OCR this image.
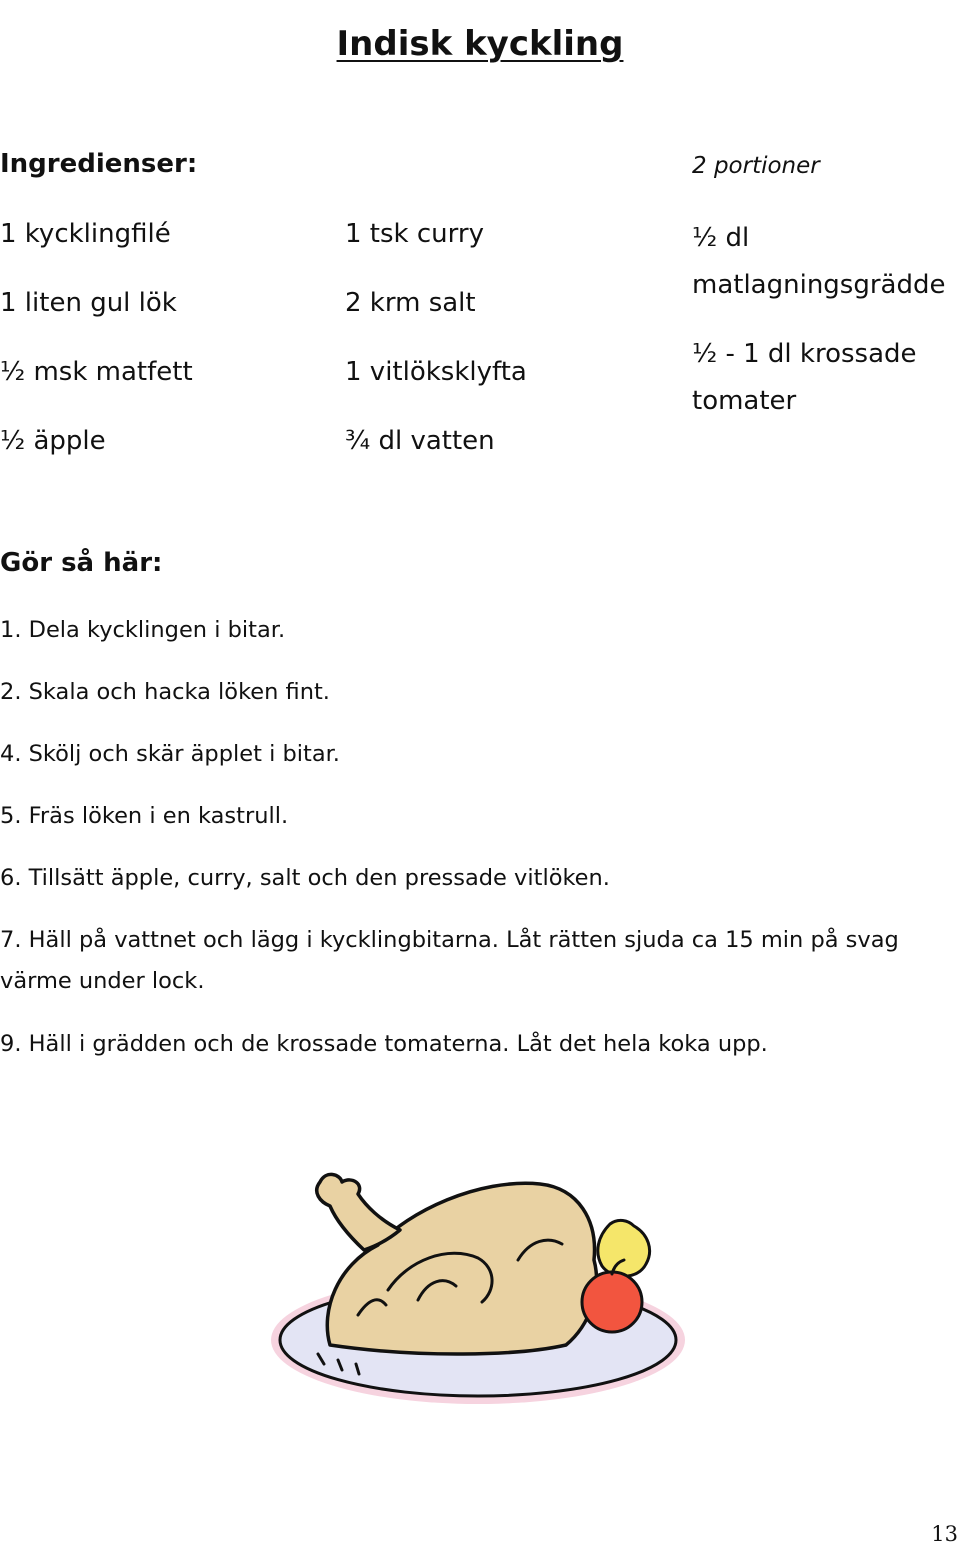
Indisk kyckling
Ingredienser:	2 portioner
1 kycklingfilé
1 liten gul lök
½ msk matfett
½ äpple
1 tsk curry
2 krm salt
1 vitlöksklyfta
¾ dl vatten
½ dl matlagningsgrädde
½ - 1 dl krossade tomater
Gör så här:
1. Dela kycklingen i bitar.
2. Skala och hacka löken fint.
4. Skölj och skär äpplet i bitar.
5. Fräs löken i en kastrull.
6. Tillsätt äpple, curry, salt och den pressade vitlöken.
7. Häll på vattnet och lägg i kycklingbitarna. Låt rätten sjuda ca 15 min på svag värme under lock.
9. Häll i grädden och de krossade tomaterna. Låt det hela koka upp.
13
